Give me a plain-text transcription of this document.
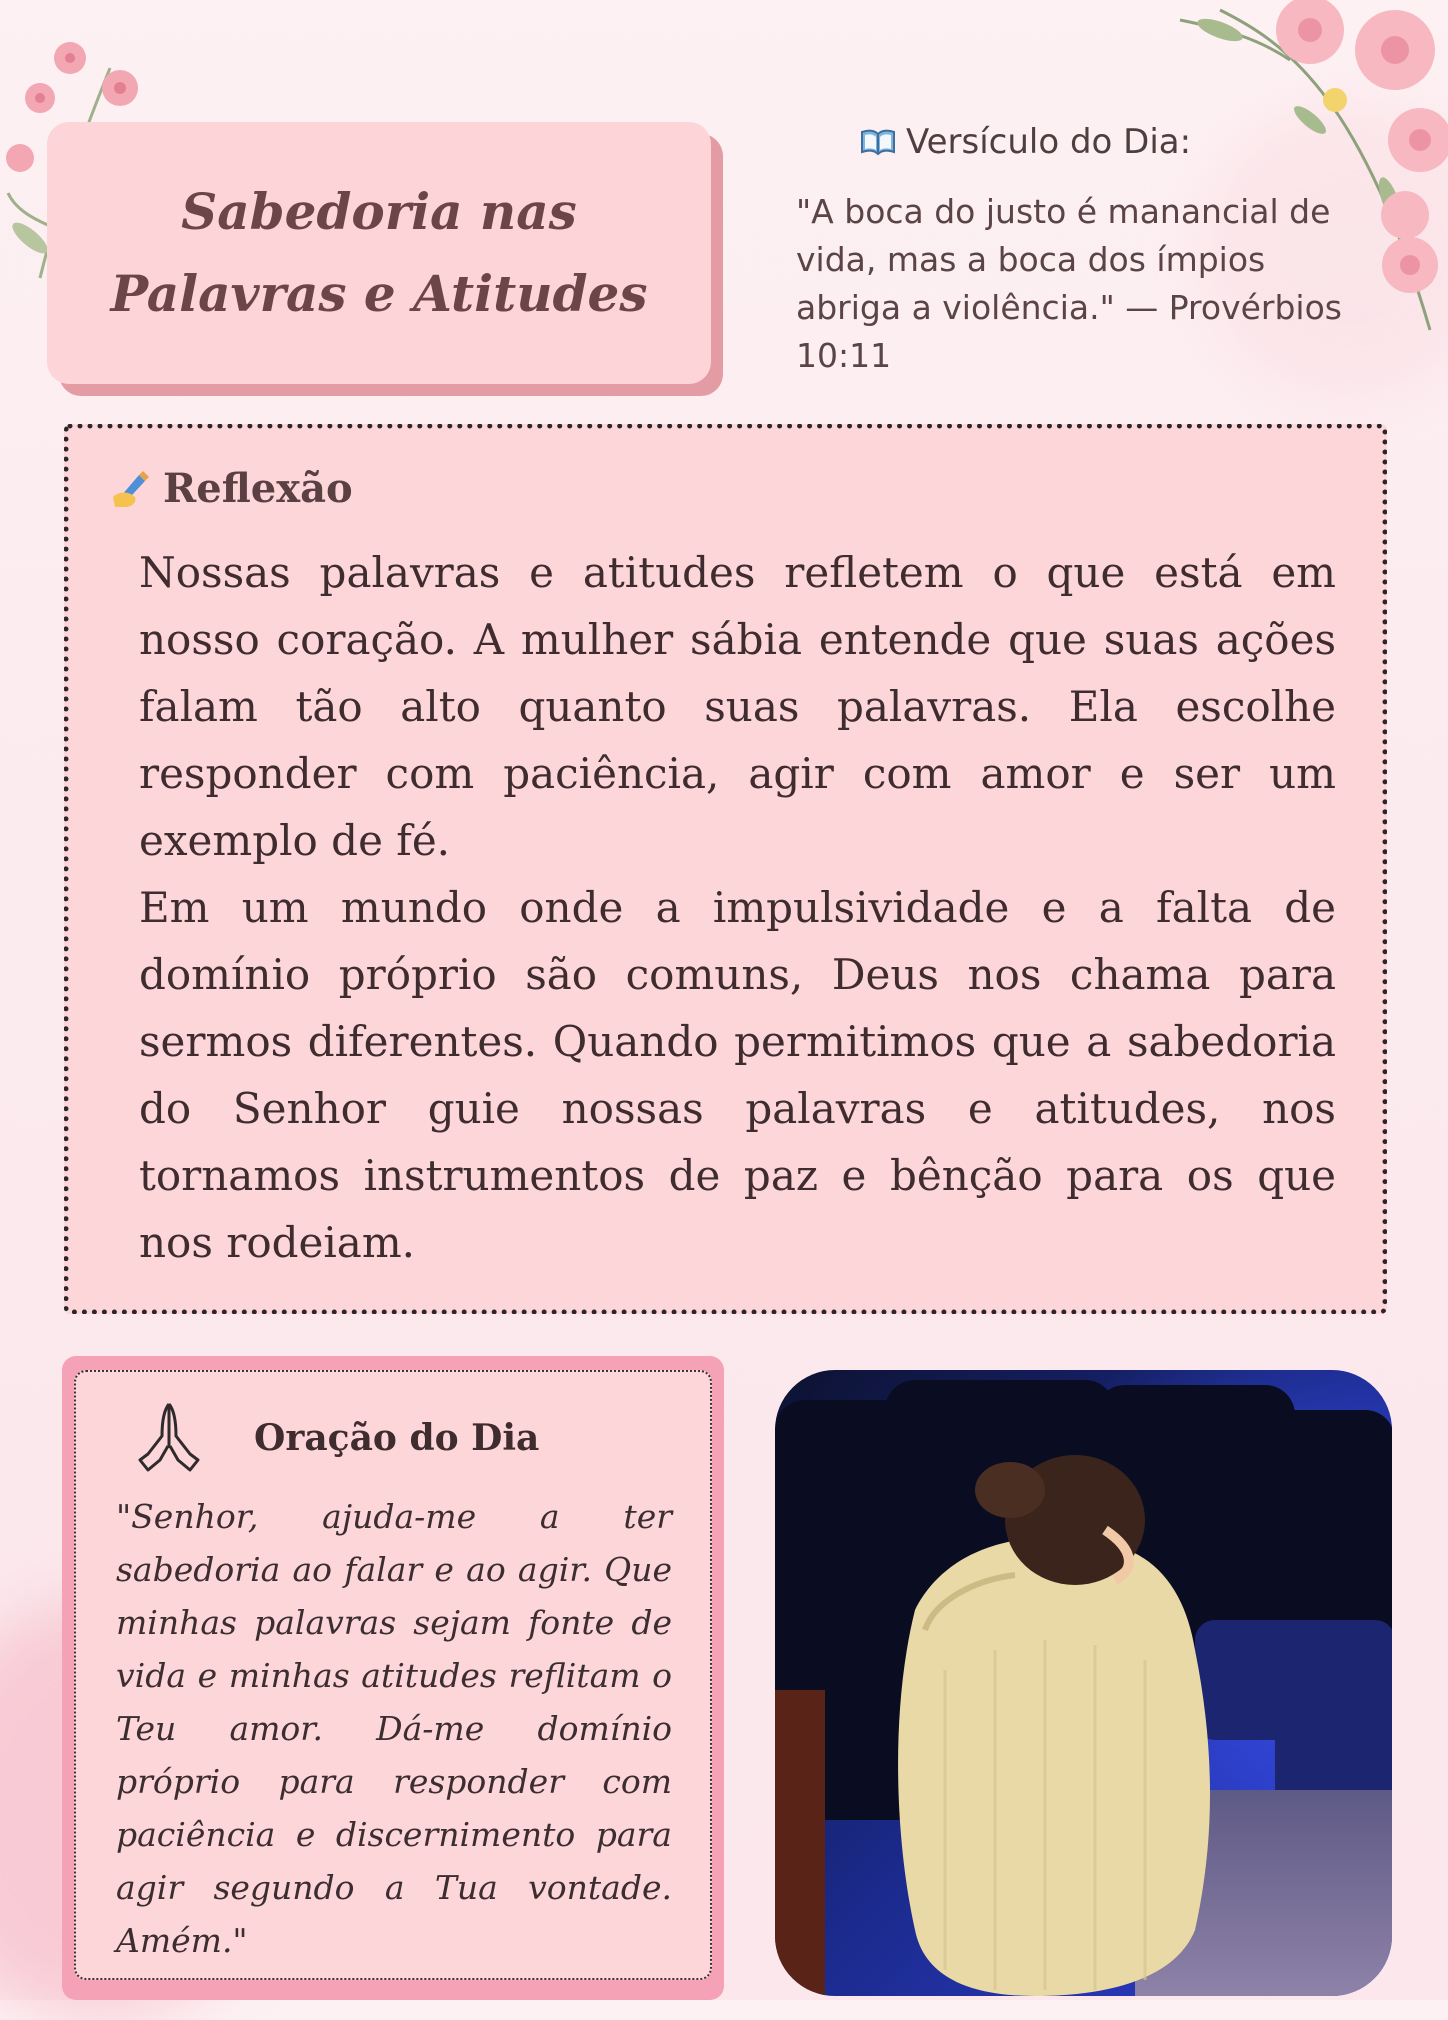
Sabedoria nas
Palavras e Atitudes
Versículo do Dia:
"A boca do justo é manancial de vida, mas a boca dos ímpios abriga a violência." — Provérbios 10:11
Reflexão

Nossas palavras e atitudes refletem o que está em nosso coração. A mulher sábia entende que suas ações falam tão alto quanto suas palavras. Ela escolhe responder com paciência, agir com amor e ser um exemplo de fé.

Em um mundo onde a impulsividade e a falta de domínio próprio são comuns, Deus nos chama para sermos diferentes. Quando permitimos que a sabedoria do Senhor guie nossas palavras e atitudes, nos tornamos instrumentos de paz e bênção para os que nos rodeiam.

Oração do Dia
"Senhor, ajuda-me a ter sabedoria ao falar e ao agir. Que minhas palavras sejam fonte de vida e minhas atitudes reflitam o Teu amor. Dá-me domínio próprio para responder com paciência e discernimento para agir segundo a Tua vontade. Amém."
